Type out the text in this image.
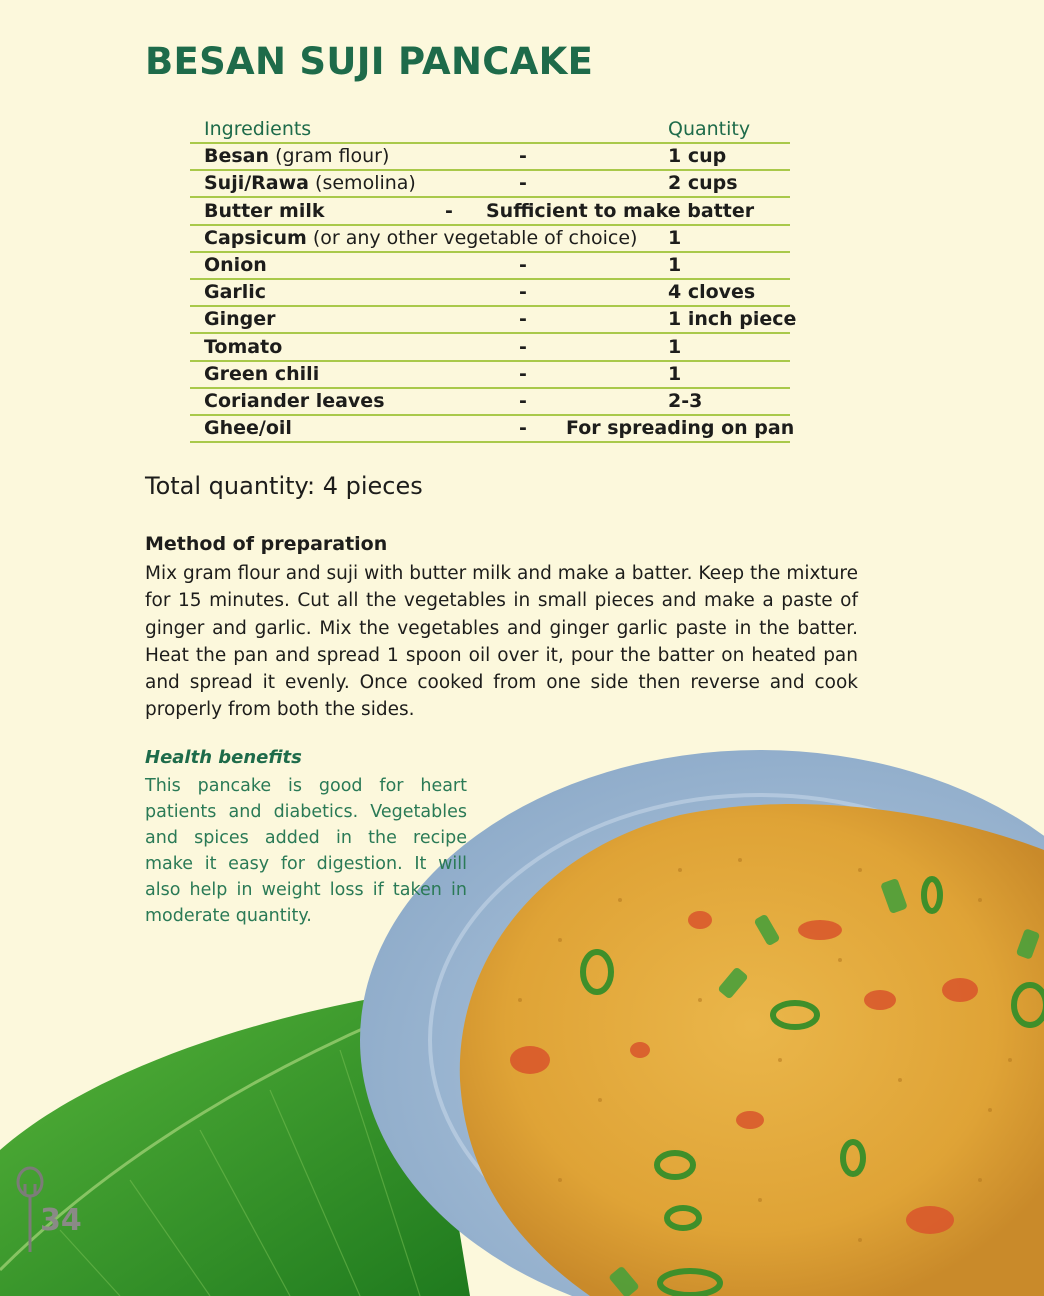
BESAN SUJI PANCAKE
Ingredients	Quantity
Besan (gram flour)	-	1 cup
Suji/Rawa (semolina)	-	2 cups
Butter milk	- Sufficient to make batter
Capsicum (or any other vegetable of choice) 1
Onion	-	1
Garlic	-	4 cloves
Ginger	-	1 inch piece
Tomato	-	1
Green chili	-	1
Coriander leaves	-	2-3
Ghee/oil	- For spreading on pan
Total quantity: 4 pieces
Method of preparation
Mix gram flour and suji with butter milk and make a batter. Keep the mixture for 15 minutes. Cut all the vegetables in small pieces and make a paste of ginger and garlic. Mix the vegetables and ginger garlic paste in the batter. Heat the pan and spread 1 spoon oil over it, pour the batter on heated pan and spread it evenly. Once cooked from one side then reverse and cook properly from both the sides.
Health benefits
This pancake is good for heart patients and diabetics. Vegetables and spices added in the recipe make it easy for digestion. It will also help in weight loss if taken in moderate quantity.
34
